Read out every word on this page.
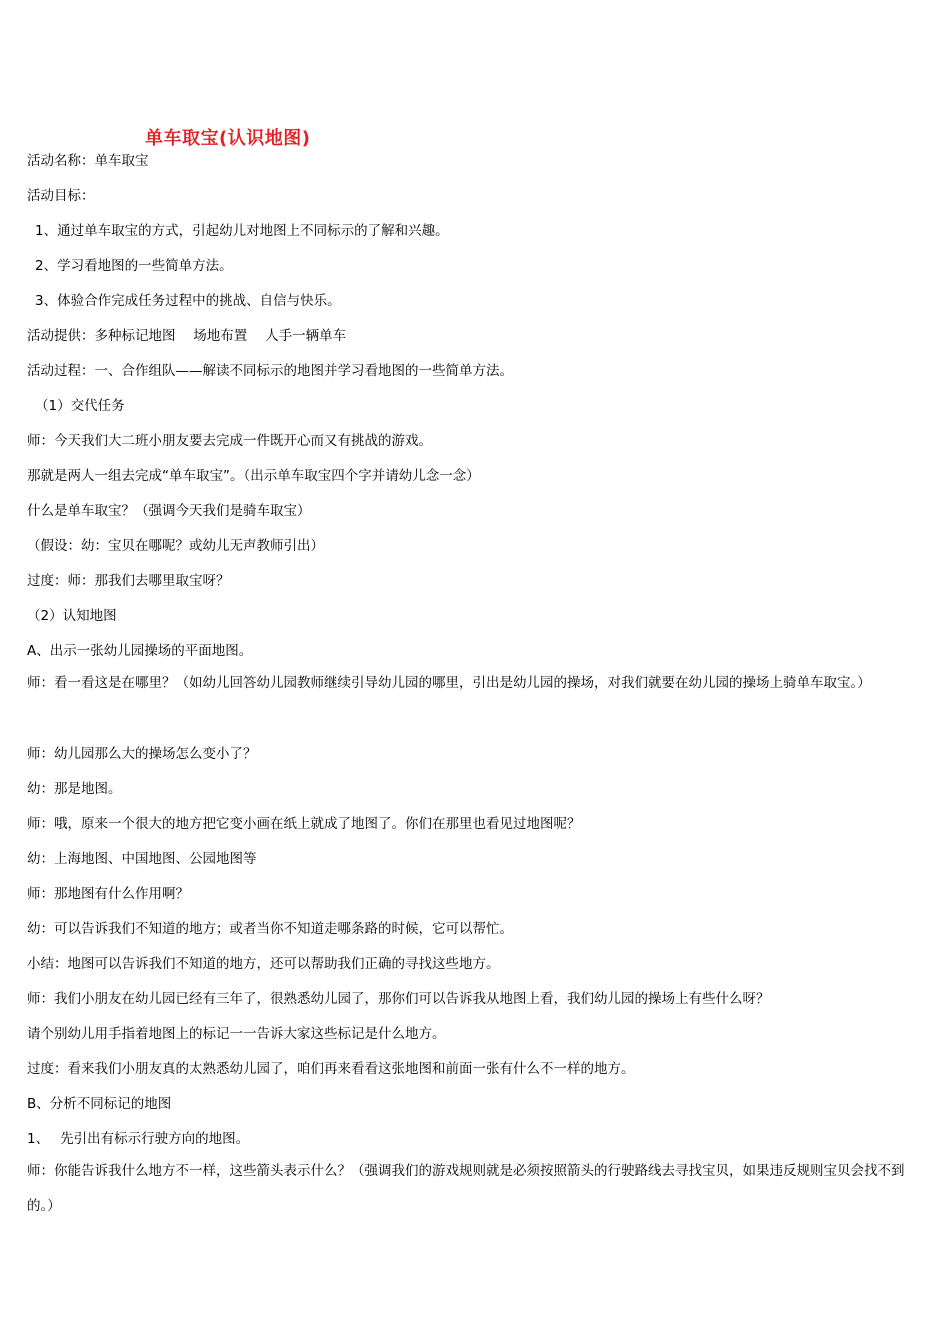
单车取宝(认识地图)
活动名称：单车取宝
活动目标：
1、通过单车取宝的方式，引起幼儿对地图上不同标示的了解和兴趣。
2、学习看地图的一些简单方法。
3、体验合作完成任务过程中的挑战、自信与快乐。
活动提供：多种标记地图　 场地布置　 人手一辆单车
活动过程：一、合作组队——解读不同标示的地图并学习看地图的一些简单方法。
（1）交代任务
师：今天我们大二班小朋友要去完成一件既开心而又有挑战的游戏。
那就是两人一组去完成“单车取宝”。（出示单车取宝四个字并请幼儿念一念）
什么是单车取宝？（强调今天我们是骑车取宝）
（假设：幼：宝贝在哪呢？或幼儿无声教师引出）
过度：师：那我们去哪里取宝呀？
（2）认知地图
A、出示一张幼儿园操场的平面地图。
师：看一看这是在哪里？（如幼儿回答幼儿园教师继续引导幼儿园的哪里，引出是幼儿园的操场，对我们就要在幼儿园的操场上骑单车取宝。）
师：幼儿园那么大的操场怎么变小了？
幼：那是地图。
师：哦，原来一个很大的地方把它变小画在纸上就成了地图了。你们在那里也看见过地图呢？
幼：上海地图、中国地图、公园地图等
师：那地图有什么作用啊？
幼：可以告诉我们不知道的地方；或者当你不知道走哪条路的时候，它可以帮忙。
小结：地图可以告诉我们不知道的地方，还可以帮助我们正确的寻找这些地方。
师：我们小朋友在幼儿园已经有三年了，很熟悉幼儿园了，那你们可以告诉我从地图上看，我们幼儿园的操场上有些什么呀？
请个别幼儿用手指着地图上的标记一一告诉大家这些标记是什么地方。
过度：看来我们小朋友真的太熟悉幼儿园了，咱们再来看看这张地图和前面一张有什么不一样的地方。
B、分析不同标记的地图
1、　 先引出有标示行驶方向的地图。
师：你能告诉我什么地方不一样，这些箭头表示什么？（强调我们的游戏规则就是必须按照箭头的行驶路线去寻找宝贝，如果违反规则宝贝会找不到的。）
